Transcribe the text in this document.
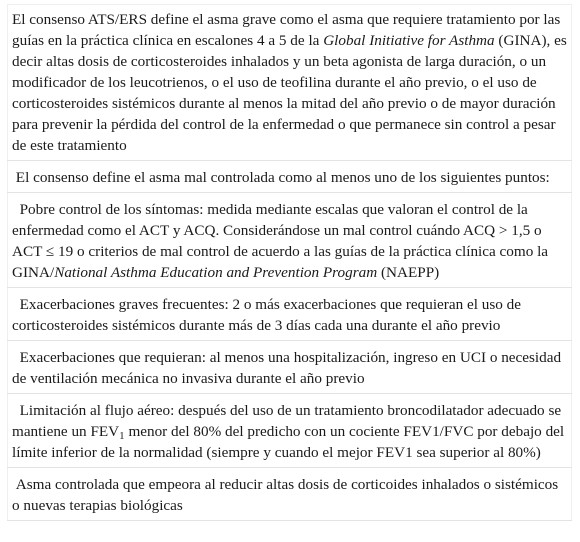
El consenso ATS/ERS define el asma grave como el asma que requiere tratamiento por las guías en la práctica clínica en escalones 4 a 5 de la Global Initiative for Asthma (GINA), es decir altas dosis de corticosteroides inhalados y un beta agonista de larga duración, o un modificador de los leucotrienos, o el uso de teofilina durante el año previo, o el uso de corticosteroides sistémicos durante al menos la mitad del año previo o de mayor duración para prevenir la pérdida del control de la enfermedad o que permanece sin control a pesar de este tratamiento
El consenso define el asma mal controlada como al menos uno de los siguientes puntos:
Pobre control de los síntomas: medida mediante escalas que valoran el control de la enfermedad como el ACT y ACQ. Considerándose un mal control cuándo ACQ > 1,5 o ACT ≤ 19 o criterios de mal control de acuerdo a las guías de la práctica clínica como la GINA/National Asthma Education and Prevention Program (NAEPP)
Exacerbaciones graves frecuentes: 2 o más exacerbaciones que requieran el uso de corticosteroides sistémicos durante más de 3 días cada una durante el año previo
Exacerbaciones que requieran: al menos una hospitalización, ingreso en UCI o necesidad de ventilación mecánica no invasiva durante el año previo
Limitación al flujo aéreo: después del uso de un tratamiento broncodilatador adecuado se mantiene un $FEV_1$ menor del 80% del predicho con un cociente FEV1/FVC por debajo del límite inferior de la normalidad (siempre y cuando el mejor FEV1 sea superior al 80%)
Asma controlada que empeora al reducir altas dosis de corticoides inhalados o sistémicos o nuevas terapias biológicas
